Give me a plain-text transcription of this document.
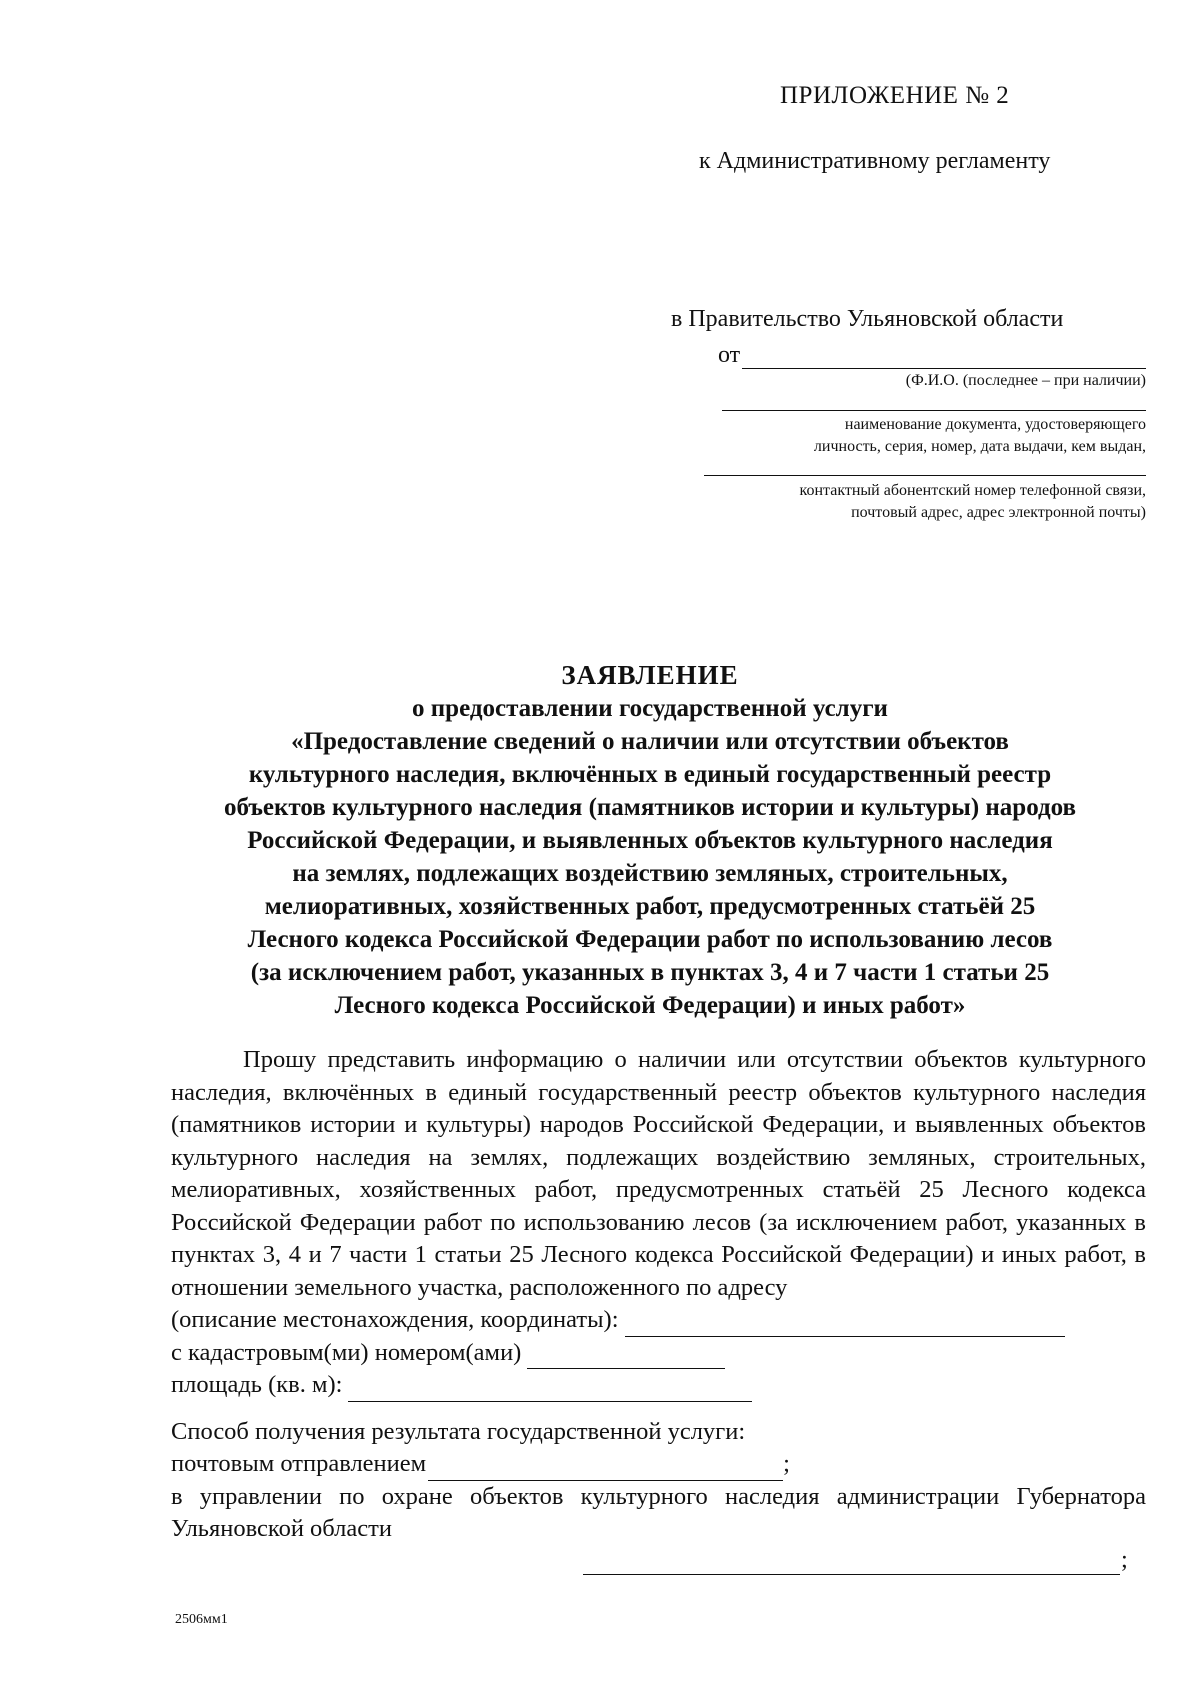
ПРИЛОЖЕНИЕ № 2
к Административному регламенту
в Правительство Ульяновской области
от
(Ф.И.О. (последнее – при наличии)
наименование документа, удостоверяющего
личность, серия, номер, дата выдачи, кем выдан,
контактный абонентский номер телефонной связи,
почтовый адрес, адрес электронной почты)
ЗАЯВЛЕНИЕ
о предоставлении государственной услуги
«Предоставление сведений о наличии или отсутствии объектов
культурного наследия, включённых в единый государственный реестр
объектов культурного наследия (памятников истории и культуры) народов
Российской Федерации, и выявленных объектов культурного наследия
на землях, подлежащих воздействию земляных, строительных,
мелиоративных, хозяйственных работ, предусмотренных статьёй 25
Лесного кодекса Российской Федерации работ по использованию лесов
(за исключением работ, указанных в пунктах 3, 4 и 7 части 1 статьи 25
Лесного кодекса Российской Федерации) и иных работ»

Прошу представить информацию о наличии или отсутствии объектов культурного наследия, включённых в единый государственный реестр объектов культурного наследия (памятников истории и культуры) народов Российской Федерации, и выявленных объектов культурного наследия на землях, подлежащих воздействию земляных, строительных, мелиоративных, хозяйственных работ, предусмотренных статьёй 25 Лесного кодекса Российской Федерации работ по использованию лесов (за исключением работ, указанных в пунктах 3, 4 и 7 части 1 статьи 25 Лесного кодекса Российской Федерации) и иных работ, в отношении земельного участка, расположенного по адресу

(описание местонахождения, координаты):
с кадастровым(ми) номером(ами)
площадь (кв. м):

Способ получения результата государственной услуги:

почтовым отправлением	;
в управлении по охране объектов культурного наследия администрации Губернатора Ульяновской области
;
2506мм1
